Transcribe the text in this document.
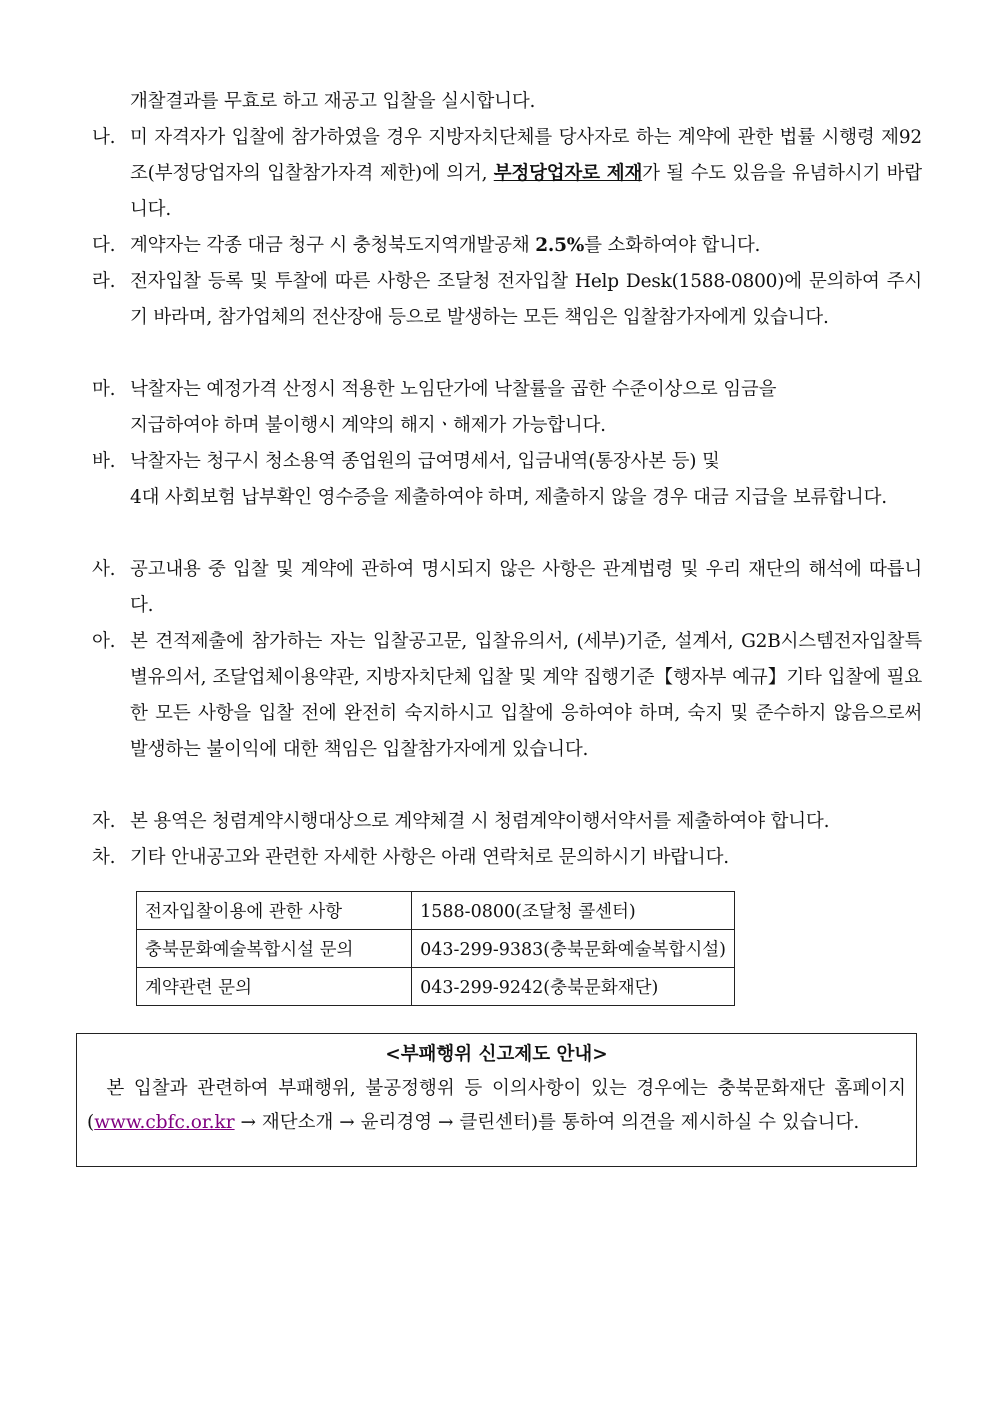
개찰결과를 무효로 하고 재공고 입찰을 실시합니다.
나. 미 자격자가 입찰에 참가하였을 경우 지방자치단체를 당사자로 하는 계약에 관한 법률 시행령 제92조(부정당업자의 입찰참가자격 제한)에 의거, 부정당업자로 제재가 될 수도 있음을 유념하시기 바랍니다.
다. 계약자는 각종 대금 청구 시 충청북도지역개발공채 2.5%를 소화하여야 합니다.
라. 전자입찰 등록 및 투찰에 따른 사항은 조달청 전자입찰 Help Desk(1588-0800)에 문의하여 주시기 바라며, 참가업체의 전산장애 등으로 발생하는 모든 책임은 입찰참가자에게 있습니다.
마. 낙찰자는 예정가격 산정시 적용한 노임단가에 낙찰률을 곱한 수준이상으로 임금을
지급하여야 하며 불이행시 계약의 해지ㆍ해제가 가능합니다.
바. 낙찰자는 청구시 청소용역 종업원의 급여명세서, 입금내역(통장사본 등) 및
4대 사회보험 납부확인 영수증을 제출하여야 하며, 제출하지 않을 경우 대금 지급을 보류합니다.
사. 공고내용 중 입찰 및 계약에 관하여 명시되지 않은 사항은 관계법령 및 우리 재단의 해석에 따릅니다.
아. 본 견적제출에 참가하는 자는 입찰공고문, 입찰유의서, (세부)기준, 설계서, G2B시스템전자입찰특별유의서, 조달업체이용약관, 지방자치단체 입찰 및 계약 집행기준【행자부 예규】기타 입찰에 필요한 모든 사항을 입찰 전에 완전히 숙지하시고 입찰에 응하여야 하며, 숙지 및 준수하지 않음으로써 발생하는 불이익에 대한 책임은 입찰참가자에게 있습니다.
자. 본 용역은 청렴계약시행대상으로 계약체결 시 청렴계약이행서약서를 제출하여야 합니다.
차. 기타 안내공고와 관련한 자세한 사항은 아래 연락처로 문의하시기 바랍니다.
전자입찰이용에 관한 사항	1588-0800(조달청 콜센터)
충북문화예술복합시설 문의	043-299-9383(충북문화예술복합시설)
계약관련 문의	043-299-9242(충북문화재단)
<부패행위 신고제도 안내>
본 입찰과 관련하여 부패행위, 불공정행위 등 이의사항이 있는 경우에는 충북문화재단 홈페이지(www.cbfc.or.kr → 재단소개 → 윤리경영 → 클린센터)를 통하여 의견을 제시하실 수 있습니다.
